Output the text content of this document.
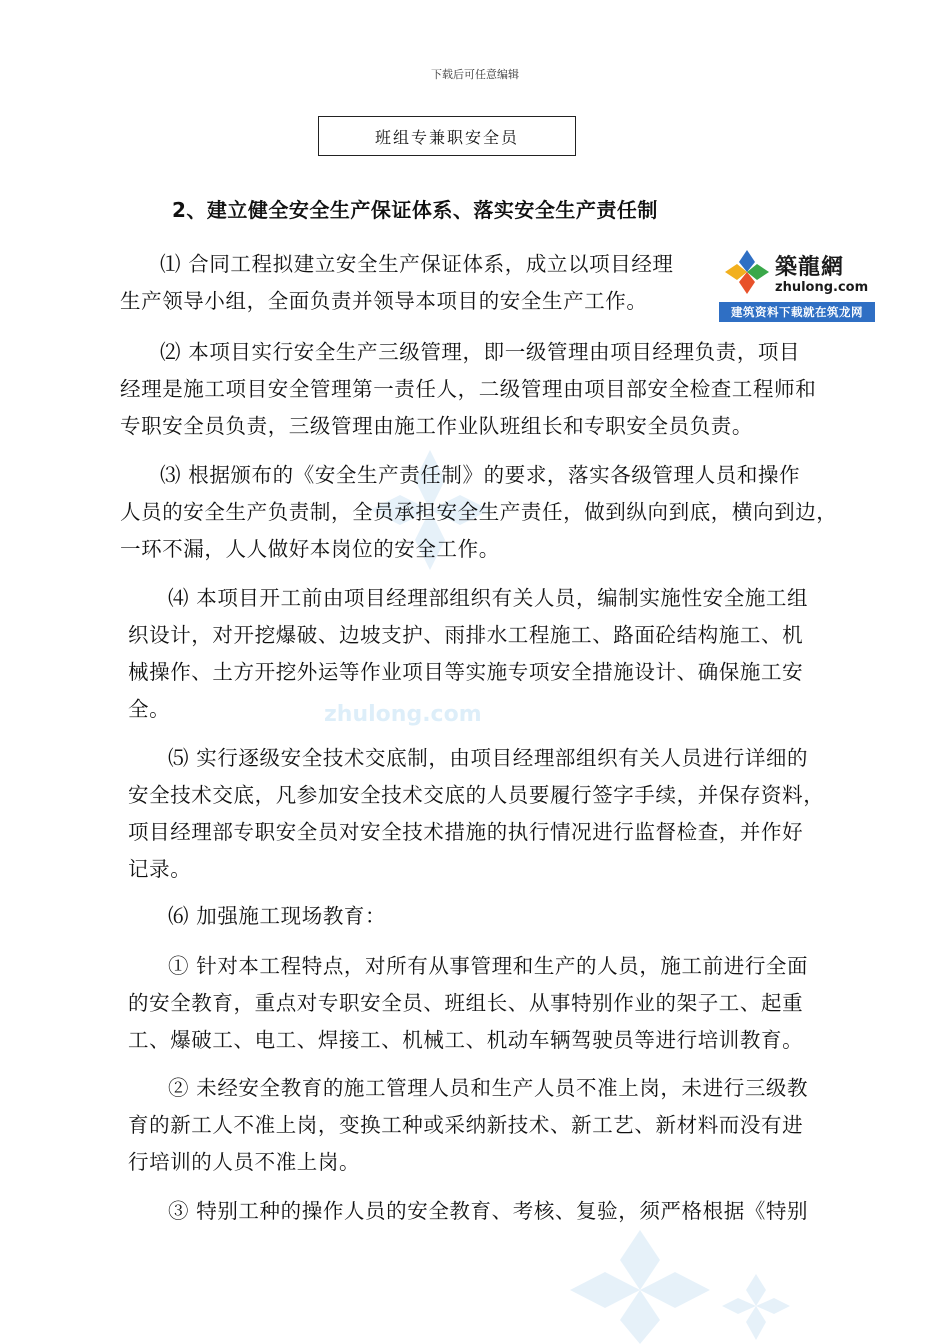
下载后可任意编辑
班组专兼职安全员
2、建立健全安全生产保证体系、落实安全生产责任制
zhulong.com
⑴ 合同工程拟建立安全生产保证体系，成立以项目经理
生产领导小组，全面负责并领导本项目的安全生产工作。
築龍網
zhulong.com
建筑资料下载就在筑龙网
⑵ 本项目实行安全生产三级管理，即一级管理由项目经理负责，项目
经理是施工项目安全管理第一责任人，二级管理由项目部安全检查工程师和
专职安全员负责，三级管理由施工作业队班组长和专职安全员负责。
⑶ 根据颁布的《安全生产责任制》的要求，落实各级管理人员和操作
人员的安全生产负责制，全员承担安全生产责任，做到纵向到底，横向到边，
一环不漏，人人做好本岗位的安全工作。
⑷ 本项目开工前由项目经理部组织有关人员，编制实施性安全施工组
织设计，对开挖爆破、边坡支护、雨排水工程施工、路面砼结构施工、机
械操作、土方开挖外运等作业项目等实施专项安全措施设计、确保施工安
全。
⑸ 实行逐级安全技术交底制，由项目经理部组织有关人员进行详细的
安全技术交底，凡参加安全技术交底的人员要履行签字手续，并保存资料，
项目经理部专职安全员对安全技术措施的执行情况进行监督检查，并作好
记录。
⑹ 加强施工现场教育：
① 针对本工程特点，对所有从事管理和生产的人员，施工前进行全面
的安全教育，重点对专职安全员、班组长、从事特别作业的架子工、起重
工、爆破工、电工、焊接工、机械工、机动车辆驾驶员等进行培训教育。
② 未经安全教育的施工管理人员和生产人员不准上岗，未进行三级教
育的新工人不准上岗，变换工种或采纳新技术、新工艺、新材料而没有进
行培训的人员不准上岗。
③ 特别工种的操作人员的安全教育、考核、复验，须严格根据《特别
